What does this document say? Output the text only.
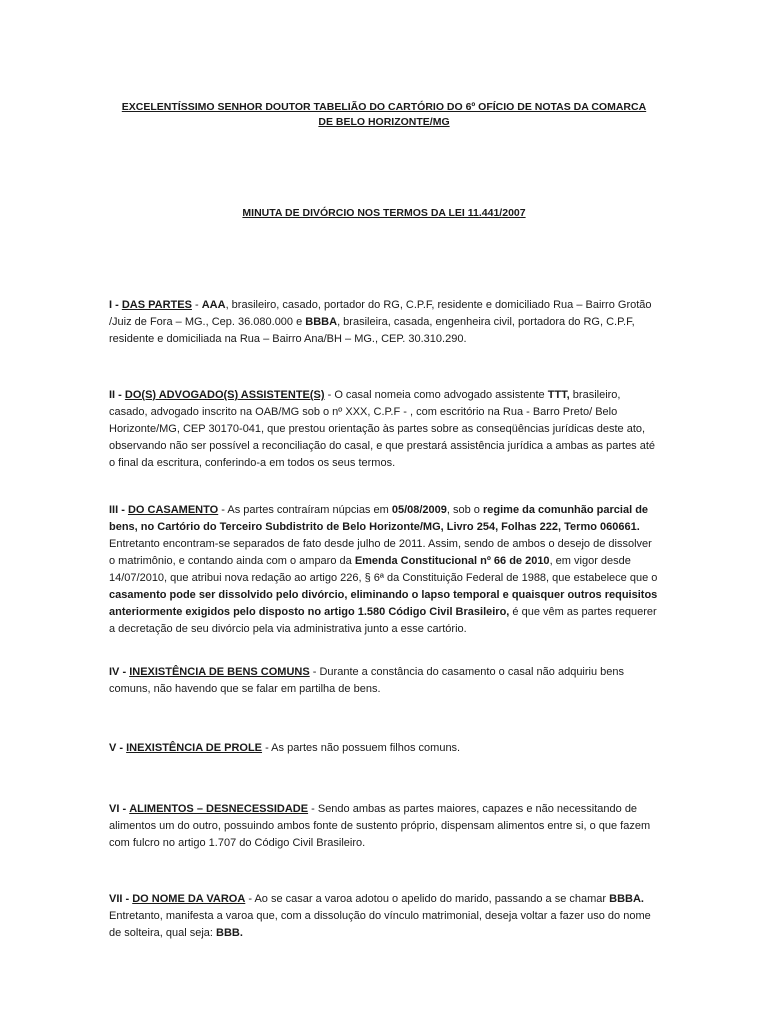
EXCELENTÍSSIMO SENHOR DOUTOR TABELIÃO DO CARTÓRIO DO 6º OFÍCIO DE NOTAS DA COMARCA
DE BELO HORIZONTE/MG
MINUTA DE DIVÓRCIO NOS TERMOS DA LEI 11.441/2007

I - DAS PARTES - AAA, brasileiro, casado, portador do RG, C.P.F, residente e domiciliado Rua – Bairro Grotão /Juiz de Fora – MG., Cep. 36.080.000 e BBBA, brasileira, casada, engenheira civil, portadora do RG, C.P.F, residente e domiciliada na Rua – Bairro Ana/BH – MG., CEP. 30.310.290.

II - DO(S) ADVOGADO(S) ASSISTENTE(S) - O casal nomeia como advogado assistente TTT, brasileiro, casado, advogado inscrito na OAB/MG sob o nº XXX, C.P.F - , com escritório na Rua - Barro Preto/ Belo Horizonte/MG, CEP 30170-041, que prestou orientação às partes sobre as conseqüências jurídicas deste ato, observando não ser possível a reconciliação do casal, e que prestará assistência jurídica a ambas as partes até o final da escritura, conferindo-a em todos os seus termos.

III - DO CASAMENTO - As partes contraíram núpcias em 05/08/2009, sob o regime da comunhão parcial de bens, no Cartório do Terceiro Subdistrito de Belo Horizonte/MG, Livro 254, Folhas 222, Termo 060661. Entretanto encontram-se separados de fato desde julho de 2011. Assim, sendo de ambos o desejo de dissolver o matrimônio, e contando ainda com o amparo da Emenda Constitucional nº 66 de 2010, em vigor desde 14/07/2010, que atribui nova redação ao artigo 226, § 6ª da Constituição Federal de 1988, que estabelece que o casamento pode ser dissolvido pelo divórcio, eliminando o lapso temporal e quaisquer outros requisitos anteriormente exigidos pelo disposto no artigo 1.580 Código Civil Brasileiro, é que vêm as partes requerer a decretação de seu divórcio pela via administrativa junto a esse cartório.

IV - INEXISTÊNCIA DE BENS COMUNS - Durante a constância do casamento o casal não adquiriu bens comuns, não havendo que se falar em partilha de bens.

V - INEXISTÊNCIA DE PROLE - As partes não possuem filhos comuns.

VI - ALIMENTOS – DESNECESSIDADE - Sendo ambas as partes maiores, capazes e não necessitando de alimentos um do outro, possuindo ambos fonte de sustento próprio, dispensam alimentos entre si, o que fazem com fulcro no artigo 1.707 do Código Civil Brasileiro.

VII - DO NOME DA VAROA - Ao se casar a varoa adotou o apelido do marido, passando a se chamar BBBA. Entretanto, manifesta a varoa que, com a dissolução do vínculo matrimonial, deseja voltar a fazer uso do nome de solteira, qual seja: BBB.
